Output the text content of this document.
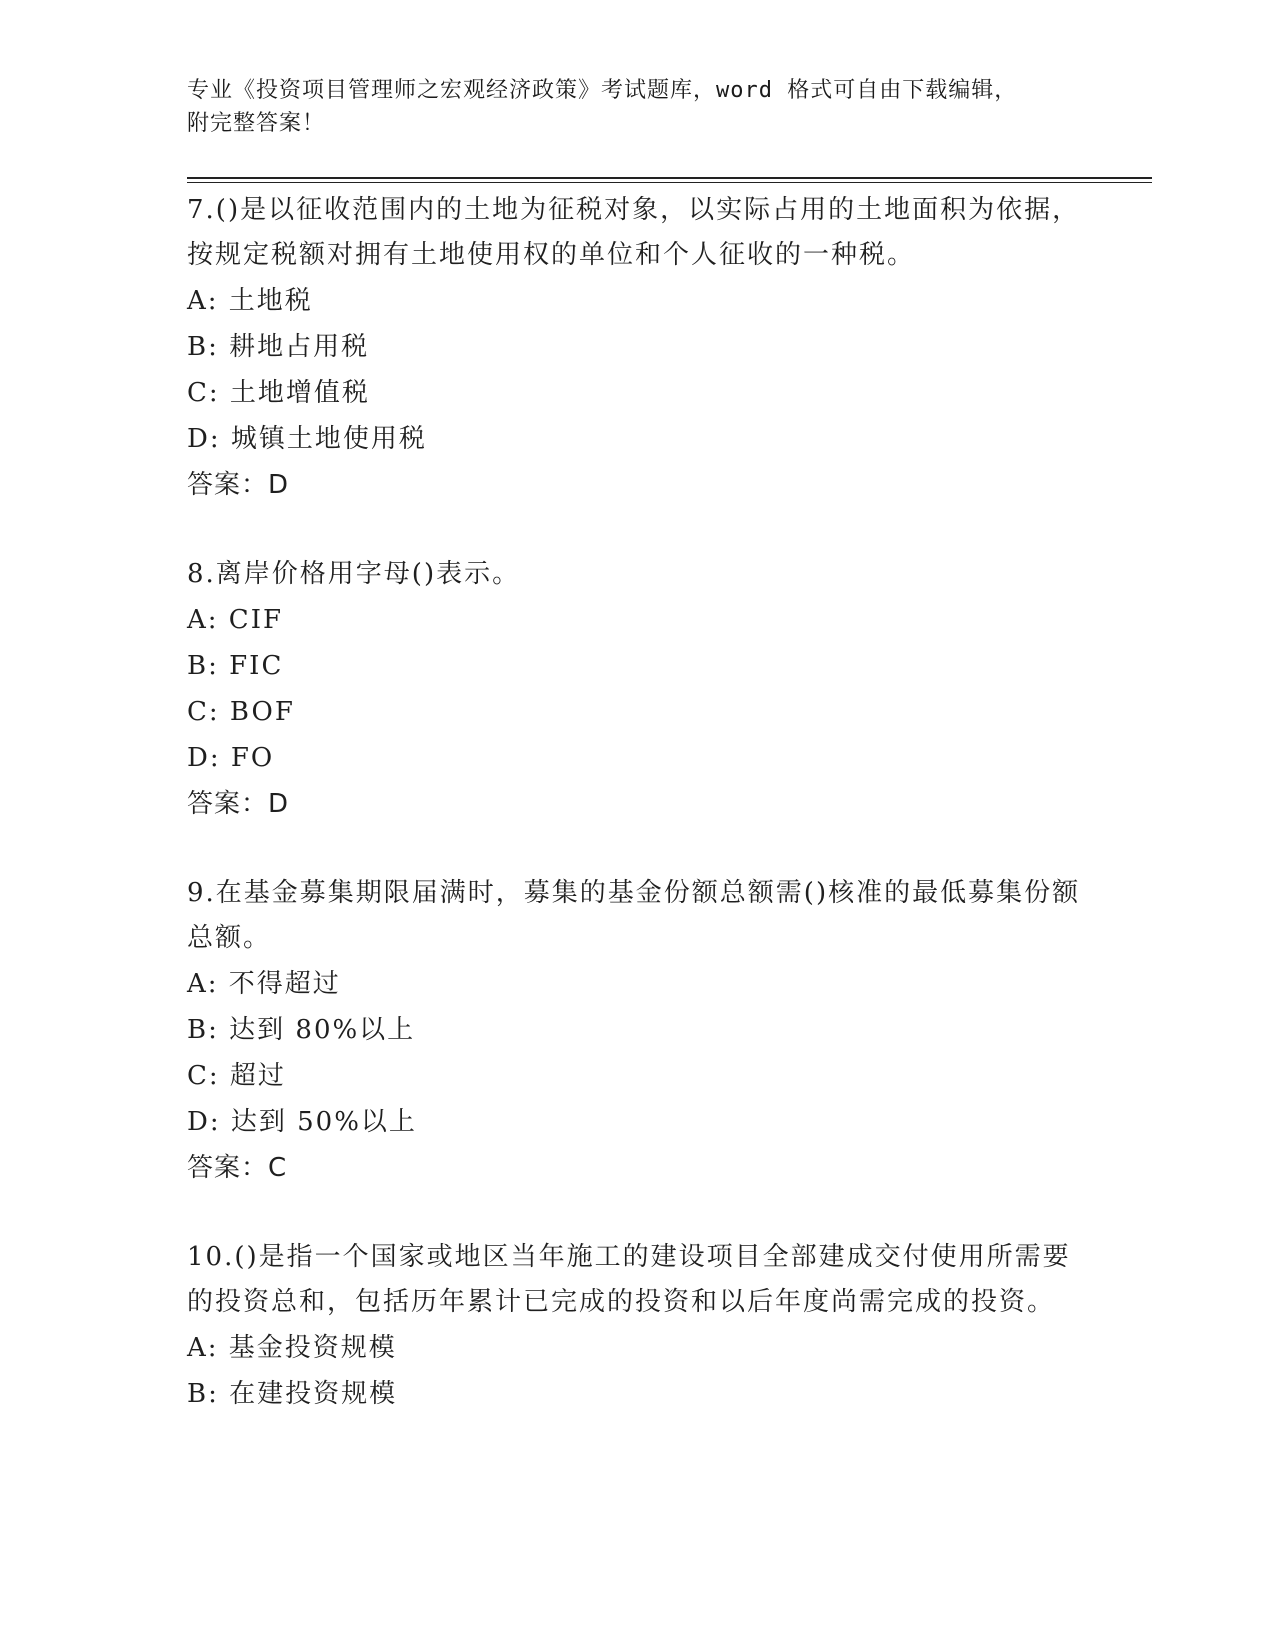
专业《投资项目管理师之宏观经济政策》考试题库，word 格式可自由下载编辑，
附完整答案！

7.()是以征收范围内的土地为征税对象，以实际占用的土地面积为依据，按规定税额对拥有土地使用权的单位和个人征收的一种税。

A: 土地税

B: 耕地占用税

C: 土地增值税

D: 城镇土地使用税

答案：D

8.离岸价格用字母()表示。

A: CIF

B: FIC

C: BOF

D: FO

答案：D

9.在基金募集期限届满时，募集的基金份额总额需()核准的最低募集份额总额。

A: 不得超过

B: 达到 80%以上

C: 超过

D: 达到 50%以上

答案：C

10.()是指一个国家或地区当年施工的建设项目全部建成交付使用所需要的投资总和，包括历年累计已完成的投资和以后年度尚需完成的投资。

A: 基金投资规模

B: 在建投资规模
